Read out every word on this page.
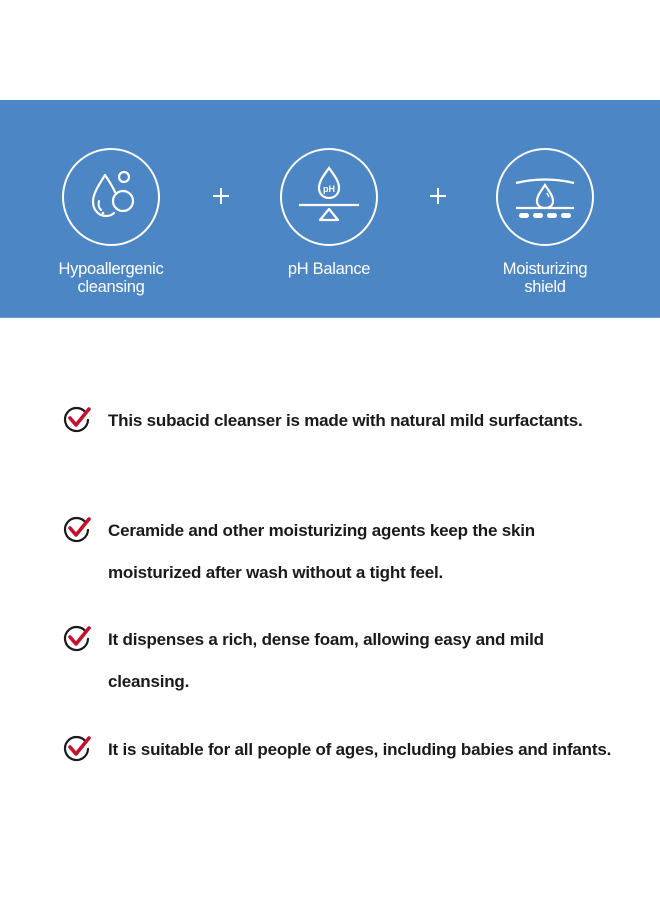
Hypoallergenic
cleansing
pH
pH Balance	Moisturizing
shield
This subacid cleanser is made with natural mild surfactants.
Ceramide and other moisturizing agents keep the skin
moisturized after wash without a tight feel.
It dispenses a rich, dense foam, allowing easy and mild
cleansing.
It is suitable for all people of ages, including babies and infants.
